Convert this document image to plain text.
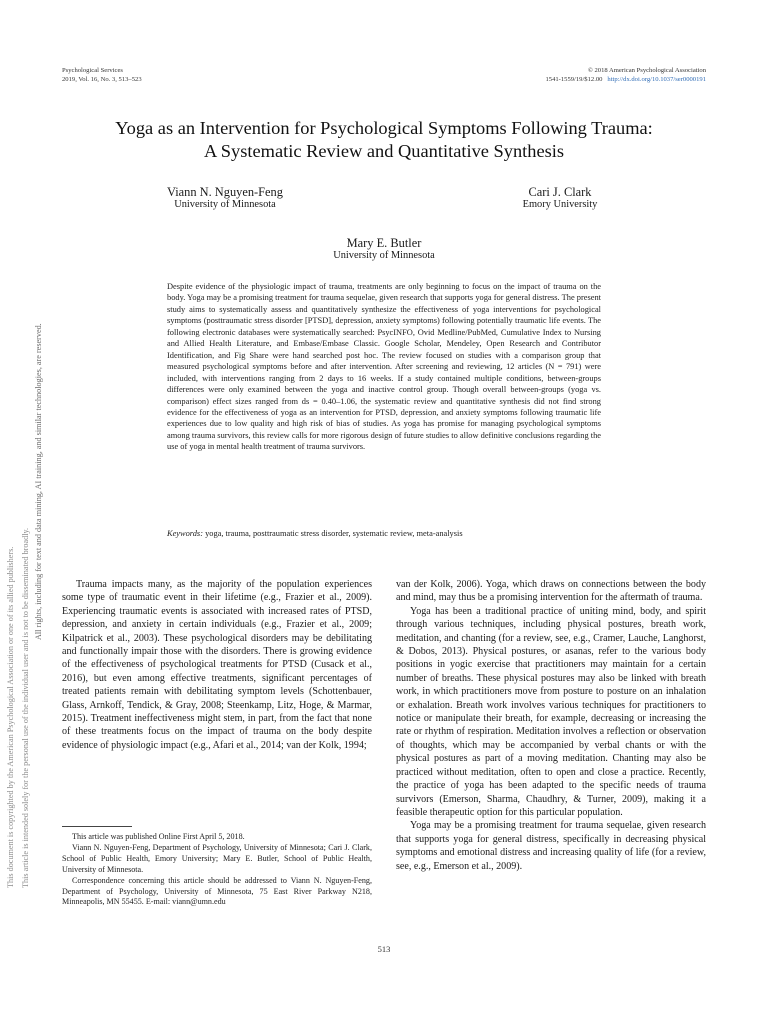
Psychological Services
2019, Vol. 16, No. 3, 513–523
© 2018 American Psychological Association
1541-1559/19/$12.00 http://dx.doi.org/10.1037/ser0000191
Yoga as an Intervention for Psychological Symptoms Following Trauma:
A Systematic Review and Quantitative Synthesis
Viann N. Nguyen-Feng
University of Minnesota
Cari J. Clark
Emory University
Mary E. Butler
University of Minnesota
Despite evidence of the physiologic impact of trauma, treatments are only beginning to focus on the impact of trauma on the body. Yoga may be a promising treatment for trauma sequelae, given research that supports yoga for general distress. The present study aims to systematically assess and quantitatively synthesize the effectiveness of yoga interventions for psychological symptoms (posttraumatic stress disorder [PTSD], depression, anxiety symptoms) following potentially traumatic life events. The following electronic databases were systematically searched: PsycINFO, Ovid Medline/PubMed, Cumulative Index to Nursing and Allied Health Literature, and Embase/Embase Classic. Google Scholar, Mendeley, Open Research and Contributor Identification, and Fig Share were hand searched post hoc. The review focused on studies with a comparison group that measured psychological symptoms before and after intervention. After screening and reviewing, 12 articles (N = 791) were included, with interventions ranging from 2 days to 16 weeks. If a study contained multiple conditions, between-groups differences were only examined between the yoga and inactive control group. Though overall between-groups (yoga vs. comparison) effect sizes ranged from ds = 0.40–1.06, the systematic review and quantitative synthesis did not find strong evidence for the effectiveness of yoga as an intervention for PTSD, depression, and anxiety symptoms following traumatic life experiences due to low quality and high risk of bias of studies. As yoga has promise for managing psychological symptoms among trauma survivors, this review calls for more rigorous design of future studies to allow definitive conclusions regarding the use of yoga in mental health treatment of trauma survivors.
Keywords: yoga, trauma, posttraumatic stress disorder, systematic review, meta-analysis

Trauma impacts many, as the majority of the population experiences some type of traumatic event in their lifetime (e.g., Frazier et al., 2009). Experiencing traumatic events is associated with increased rates of PTSD, depression, and anxiety in certain individuals (e.g., Frazier et al., 2009; Kilpatrick et al., 2003). These psychological disorders may be debilitating and functionally impair those with the disorders. There is growing evidence of the effectiveness of psychological treatments for PTSD (Cusack et al., 2016), but even among effective treatments, significant percentages of treated patients remain with debilitating symptom levels (Schottenbauer, Glass, Arnkoff, Tendick, & Gray, 2008; Steenkamp, Litz, Hoge, & Marmar, 2015). Treatment ineffectiveness might stem, in part, from the fact that none of these treatments focus on the impact of trauma on the body despite evidence of physiologic impact (e.g., Afari et al., 2014; van der Kolk, 1994;

van der Kolk, 2006). Yoga, which draws on connections between the body and mind, may thus be a promising intervention for the aftermath of trauma.

Yoga has been a traditional practice of uniting mind, body, and spirit through various techniques, including physical postures, breath work, meditation, and chanting (for a review, see, e.g., Cramer, Lauche, Langhorst, & Dobos, 2013). Physical postures, or asanas, refer to the various body positions in yogic exercise that practitioners may maintain for a certain number of breaths. These physical postures may also be linked with breath work, in which practitioners move from posture to posture on an inhalation or exhalation. Breath work involves various techniques for practitioners to notice or manipulate their breath, for example, decreasing or increasing the rate or rhythm of respiration. Meditation involves a reflection or observation of thoughts, which may be accompanied by verbal chants or with the physical postures as part of a moving meditation. Chanting may also be practiced without meditation, often to open and close a practice. Recently, the practice of yoga has been adapted to the specific needs of trauma survivors (Emerson, Sharma, Chaudhry, & Turner, 2009), making it a feasible therapeutic option for this particular population.

Yoga may be a promising treatment for trauma sequelae, given research that supports yoga for general distress, specifically in decreasing physical symptoms and emotional distress and increasing quality of life (for a review, see, e.g., Emerson et al., 2009).

This article was published Online First April 5, 2018.

Viann N. Nguyen-Feng, Department of Psychology, University of Minnesota; Cari J. Clark, School of Public Health, Emory University; Mary E. Butler, School of Public Health, University of Minnesota.

Correspondence concerning this article should be addressed to Viann N. Nguyen-Feng, Department of Psychology, University of Minnesota, 75 East River Parkway N218, Minneapolis, MN 55455. E-mail: viann@umn.edu

513
This document is copyrighted by the American Psychological Association or one of its allied publishers. This article is intended solely for the personal use of the individual user and is not to be disseminated broadly.
All rights, including for text and data mining, AI training, and similar technologies, are reserved.
